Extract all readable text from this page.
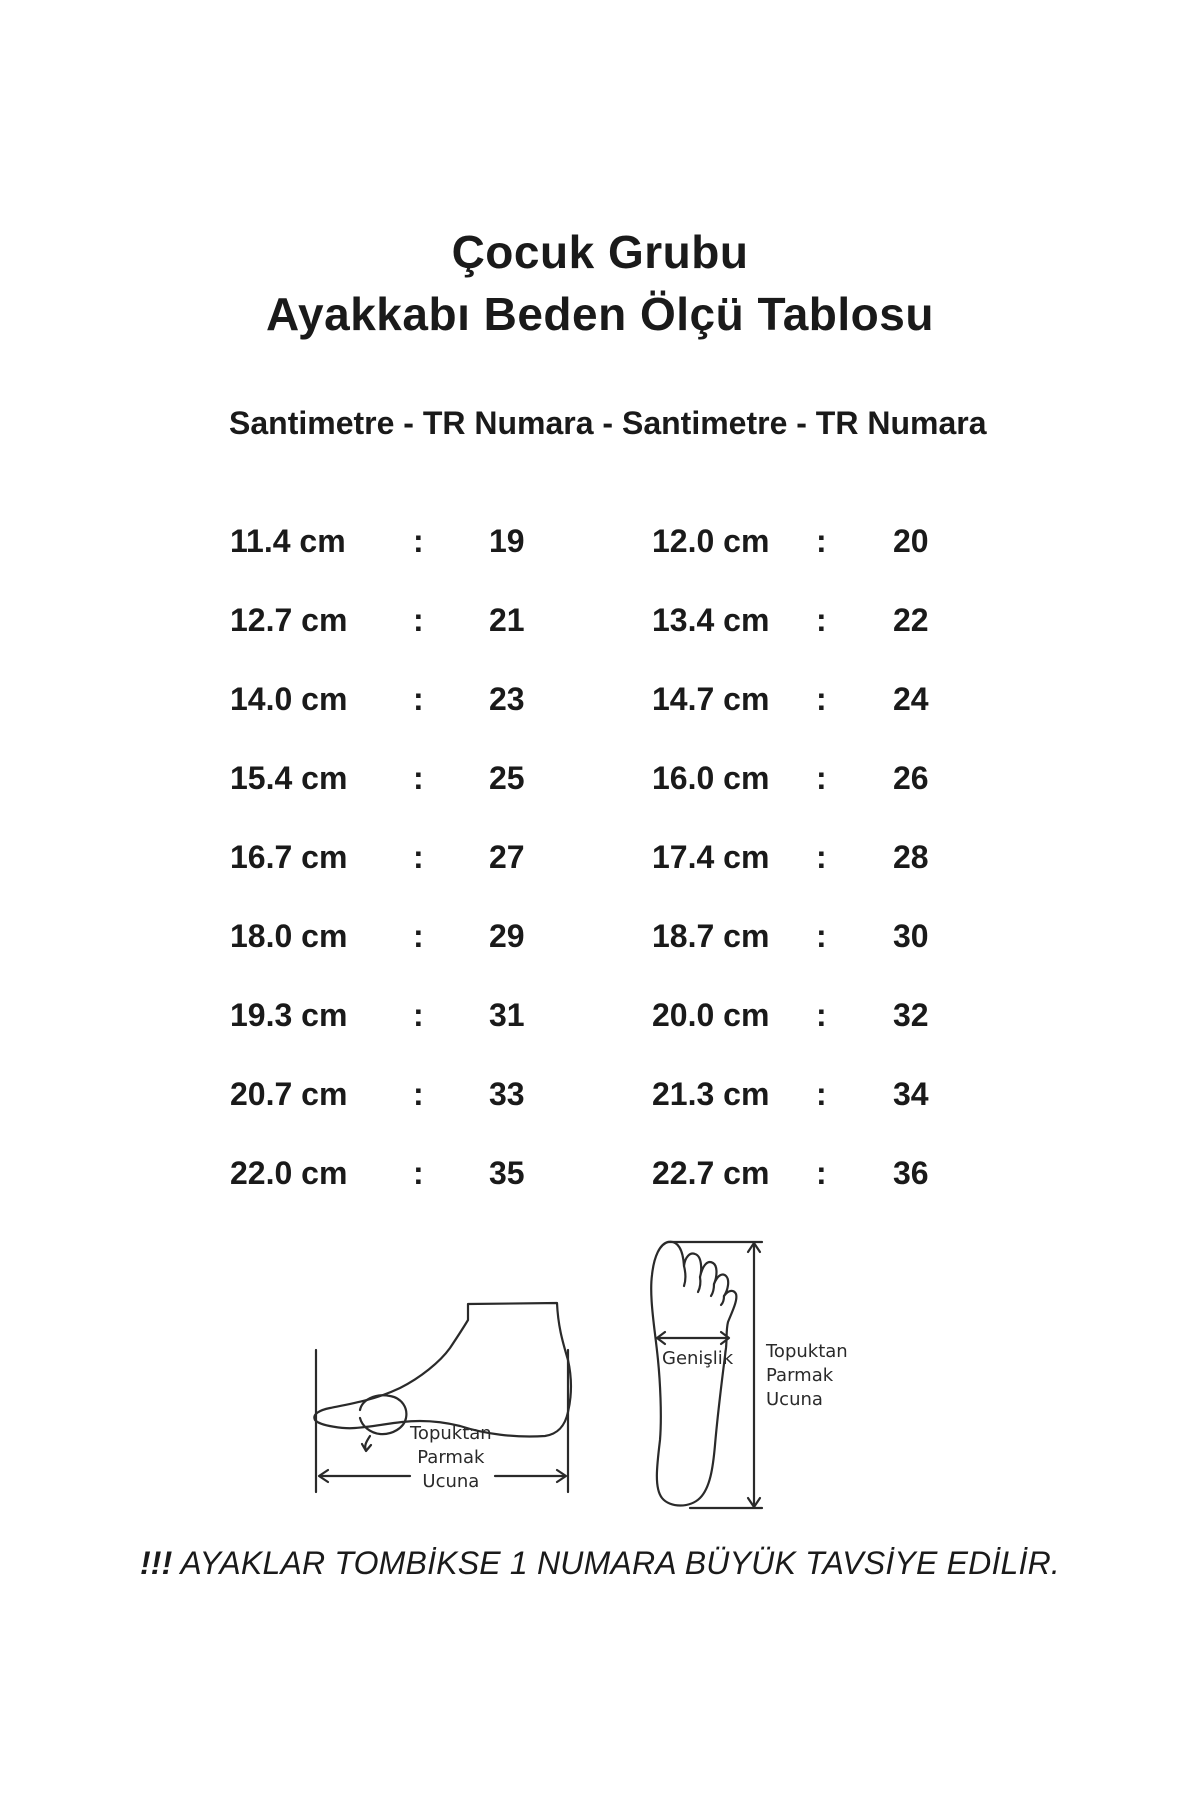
Çocuk Grubu
Ayakkabı Beden Ölçü Tablosu
Santimetre - TR Numara - Santimetre - TR Numara
11.4 cm : 19	12.0 cm : 20
12.7 cm : 21	13.4 cm : 22
14.0 cm : 23	14.7 cm : 24
15.4 cm : 25	16.0 cm : 26
16.7 cm : 27	17.4 cm : 28
18.0 cm : 29	18.7 cm : 30
19.3 cm : 31	20.0 cm : 32
20.7 cm : 33	21.3 cm : 34
22.0 cm : 35	22.7 cm : 36
Topuktan
Parmak
Ucuna
Genişlik Topuktan
Parmak
Ucuna
!!! AYAKLAR TOMBİKSE 1 NUMARA BÜYÜK TAVSİYE EDİLİR.
